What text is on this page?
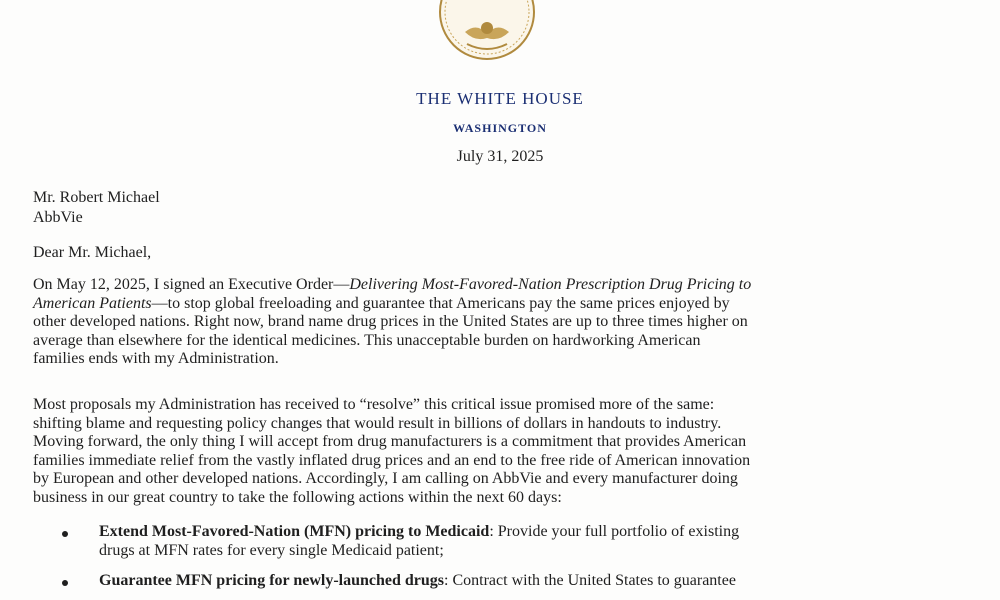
THE WHITE HOUSE
WASHINGTON
July 31, 2025
Mr. Robert Michael
AbbVie
Dear Mr. Michael,
On May 12, 2025, I signed an Executive Order—Delivering Most-Favored-Nation Prescription Drug Pricing to
American Patients—to stop global freeloading and guarantee that Americans pay the same prices enjoyed by
other developed nations. Right now, brand name drug prices in the United States are up to three times higher on
average than elsewhere for the identical medicines. This unacceptable burden on hardworking American
families ends with my Administration.
Most proposals my Administration has received to “resolve” this critical issue promised more of the same:
shifting blame and requesting policy changes that would result in billions of dollars in handouts to industry.
Moving forward, the only thing I will accept from drug manufacturers is a commitment that provides American
families immediate relief from the vastly inflated drug prices and an end to the free ride of American innovation
by European and other developed nations. Accordingly, I am calling on AbbVie and every manufacturer doing
business in our great country to take the following actions within the next 60 days:
Extend Most-Favored-Nation (MFN) pricing to Medicaid: Provide your full portfolio of existing
drugs at MFN rates for every single Medicaid patient;
Guarantee MFN pricing for newly-launched drugs: Contract with the United States to guarantee
